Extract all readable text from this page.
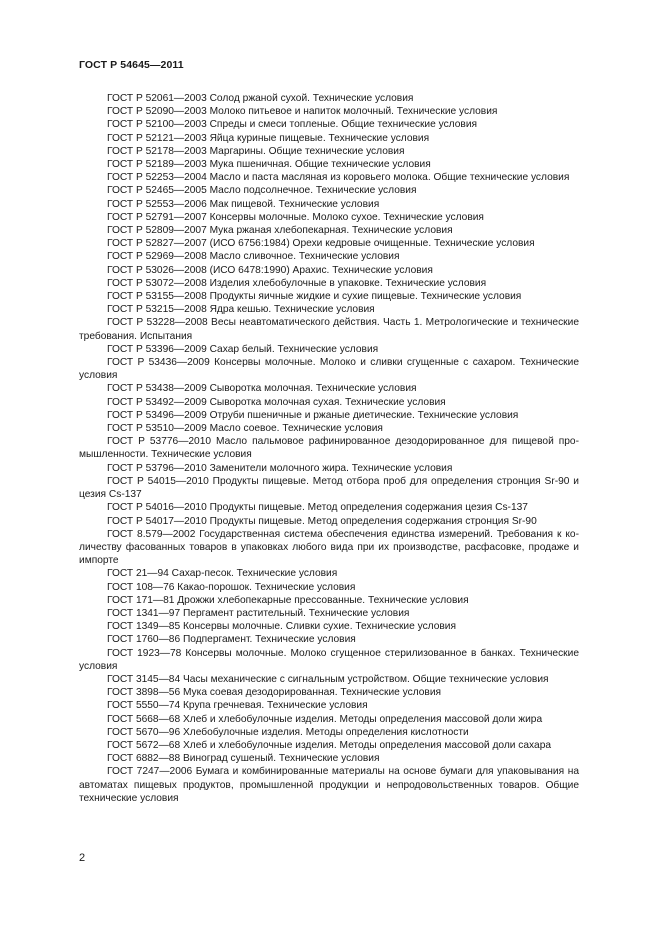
ГОСТ Р 54645—2011

ГОСТ Р 52061—2003 Солод ржаной сухой. Технические условия

ГОСТ Р 52090—2003 Молоко питьевое и напиток молочный. Технические условия

ГОСТ Р 52100—2003 Спреды и смеси топленые. Общие технические условия

ГОСТ Р 52121—2003 Яйца куриные пищевые. Технические условия

ГОСТ Р 52178—2003 Маргарины. Общие технические условия

ГОСТ Р 52189—2003 Мука пшеничная. Общие технические условия

ГОСТ Р 52253—2004 Масло и паста масляная из коровьего молока. Общие технические условия

ГОСТ Р 52465—2005 Масло подсолнечное. Технические условия

ГОСТ Р 52553—2006 Мак пищевой. Технические условия

ГОСТ Р 52791—2007 Консервы молочные. Молоко сухое. Технические условия

ГОСТ Р 52809—2007 Мука ржаная хлебопекарная. Технические условия

ГОСТ Р 52827—2007 (ИСО 6756:1984) Орехи кедровые очищенные. Технические условия

ГОСТ Р 52969—2008 Масло сливочное. Технические условия

ГОСТ Р 53026—2008 (ИСО 6478:1990) Арахис. Технические условия

ГОСТ Р 53072—2008 Изделия хлебобулочные в упаковке. Технические условия

ГОСТ Р 53155—2008 Продукты яичные жидкие и сухие пищевые. Технические условия

ГОСТ Р 53215—2008 Ядра кешью. Технические условия

ГОСТ Р 53228—2008 Весы неавтоматического действия. Часть 1. Метрологические и технические требования. Испытания

ГОСТ Р 53396—2009 Сахар белый. Технические условия

ГОСТ Р 53436—2009 Консервы молочные. Молоко и сливки сгущенные с сахаром. Технические условия

ГОСТ Р 53438—2009 Сыворотка молочная. Технические условия

ГОСТ Р 53492—2009 Сыворотка молочная сухая. Технические условия

ГОСТ Р 53496—2009 Отруби пшеничные и ржаные диетические. Технические условия

ГОСТ Р 53510—2009 Масло соевое. Технические условия

ГОСТ Р 53776—2010 Масло пальмовое рафинированное дезодорированное для пищевой промышленности. Технические условия

ГОСТ Р 53796—2010 Заменители молочного жира. Технические условия

ГОСТ Р 54015—2010 Продукты пищевые. Метод отбора проб для определения стронция Sr-90 и цезия Cs-137

ГОСТ Р 54016—2010 Продукты пищевые. Метод определения содержания цезия Cs-137

ГОСТ Р 54017—2010 Продукты пищевые. Метод определения содержания стронция Sr-90

ГОСТ 8.579—2002 Государственная система обеспечения единства измерений. Требования к количеству фасованных товаров в упаковках любого вида при их производстве, расфасовке, продаже и импорте

ГОСТ 21—94 Сахар-песок. Технические условия

ГОСТ 108—76 Какао-порошок. Технические условия

ГОСТ 171—81 Дрожжи хлебопекарные прессованные. Технические условия

ГОСТ 1341—97 Пергамент растительный. Технические условия

ГОСТ 1349—85 Консервы молочные. Сливки сухие. Технические условия

ГОСТ 1760—86 Подпергамент. Технические условия

ГОСТ 1923—78 Консервы молочные. Молоко сгущенное стерилизованное в банках. Технические условия

ГОСТ 3145—84 Часы механические с сигнальным устройством. Общие технические условия

ГОСТ 3898—56 Мука соевая дезодорированная. Технические условия

ГОСТ 5550—74 Крупа гречневая. Технические условия

ГОСТ 5668—68 Хлеб и хлебобулочные изделия. Методы определения массовой доли жира

ГОСТ 5670—96 Хлебобулочные изделия. Методы определения кислотности

ГОСТ 5672—68 Хлеб и хлебобулочные изделия. Методы определения массовой доли сахара

ГОСТ 6882—88 Виноград сушеный. Технические условия

ГОСТ 7247—2006 Бумага и комбинированные материалы на основе бумаги для упаковывания на автоматах пищевых продуктов, промышленной продукции и непродовольственных товаров. Общие технические условия

2
